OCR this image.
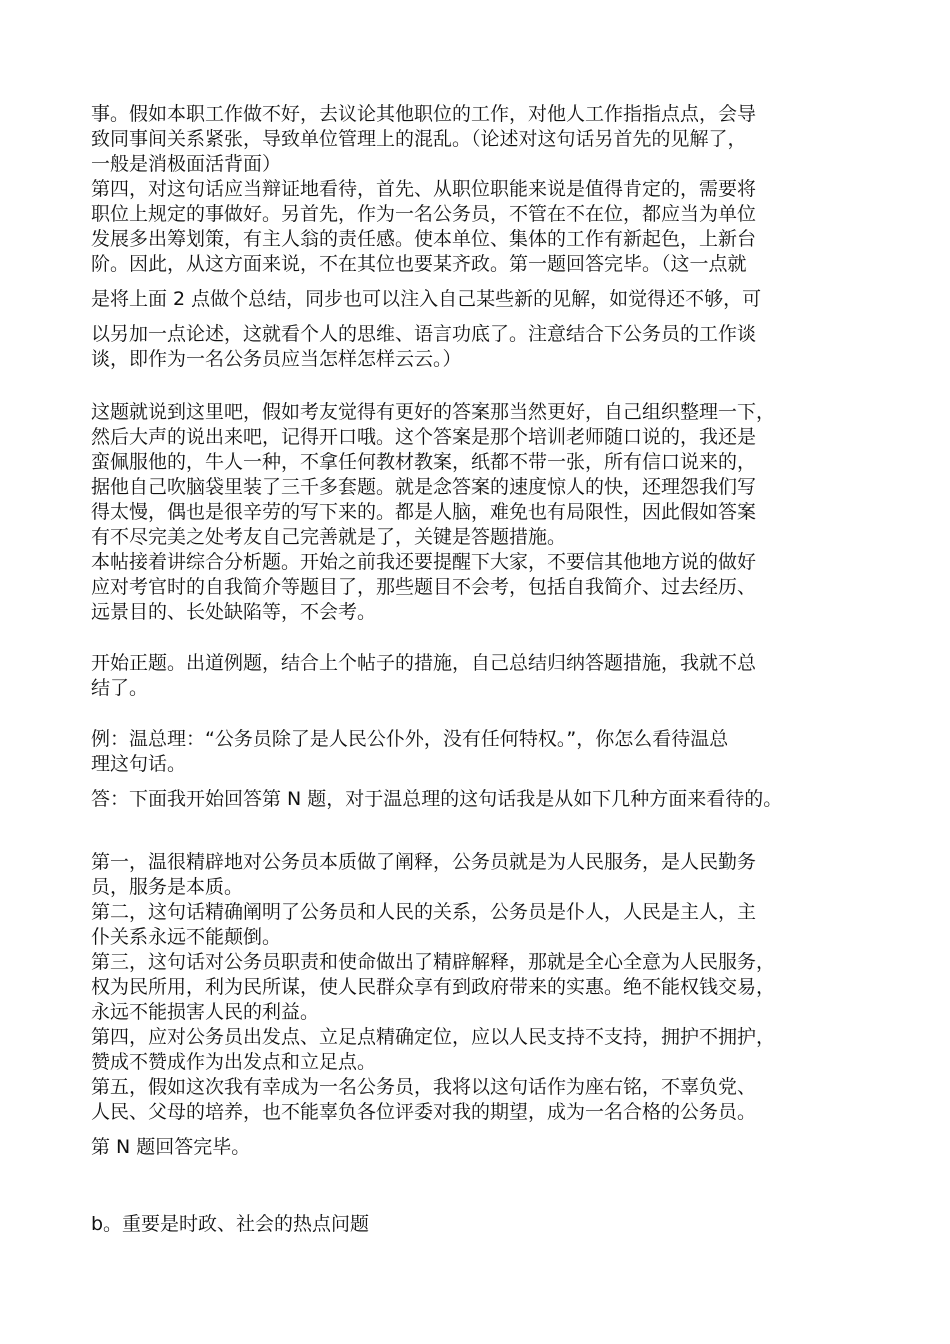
事。假如本职工作做不好，去议论其他职位的工作，对他人工作指指点点，会导
致同事间关系紧张，导致单位管理上的混乱。（论述对这句话另首先的见解了，
一般是消极面活背面）
第四，对这句话应当辩证地看待，首先、从职位职能来说是值得肯定的，需要将
职位上规定的事做好。另首先，作为一名公务员，不管在不在位，都应当为单位
发展多出筹划策，有主人翁的责任感。使本单位、集体的工作有新起色，上新台
阶。因此，从这方面来说，不在其位也要某齐政。第一题回答完毕。（这一点就
是将上面 2 点做个总结，同步也可以注入自己某些新的见解，如觉得还不够，可
以另加一点论述，这就看个人的思维、语言功底了。注意结合下公务员的工作谈
谈，即作为一名公务员应当怎样怎样云云。）
这题就说到这里吧，假如考友觉得有更好的答案那当然更好，自己组织整理一下，
然后大声的说出来吧，记得开口哦。这个答案是那个培训老师随口说的，我还是
蛮佩服他的，牛人一种，不拿任何教材教案，纸都不带一张，所有信口说来的，
据他自己吹脑袋里装了三千多套题。就是念答案的速度惊人的快，还理怨我们写
得太慢，偶也是很辛劳的写下来的。都是人脑，难免也有局限性，因此假如答案
有不尽完美之处考友自己完善就是了，关键是答题措施。
本帖接着讲综合分析题。开始之前我还要提醒下大家，不要信其他地方说的做好
应对考官时的自我简介等题目了，那些题目不会考，包括自我简介、过去经历、
远景目的、长处缺陷等，不会考。
开始正题。出道例题，结合上个帖子的措施，自己总结归纳答题措施，我就不总
结了。
例：温总理：“公务员除了是人民公仆外，没有任何特权。”，你怎么看待温总
理这句话。
答：下面我开始回答第 N 题，对于温总理的这句话我是从如下几种方面来看待的。
第一，温很精辟地对公务员本质做了阐释，公务员就是为人民服务，是人民勤务
员，服务是本质。
第二，这句话精确阐明了公务员和人民的关系，公务员是仆人，人民是主人，主
仆关系永远不能颠倒。
第三，这句话对公务员职责和使命做出了精辟解释，那就是全心全意为人民服务，
权为民所用，利为民所谋，使人民群众享有到政府带来的实惠。绝不能权钱交易，
永远不能损害人民的利益。
第四，应对公务员出发点、立足点精确定位，应以人民支持不支持，拥护不拥护，
赞成不赞成作为出发点和立足点。
第五，假如这次我有幸成为一名公务员，我将以这句话作为座右铭，不辜负党、
人民、父母的培养，也不能辜负各位评委对我的期望，成为一名合格的公务员。
第 N 题回答完毕。
b。重要是时政、社会的热点问题
